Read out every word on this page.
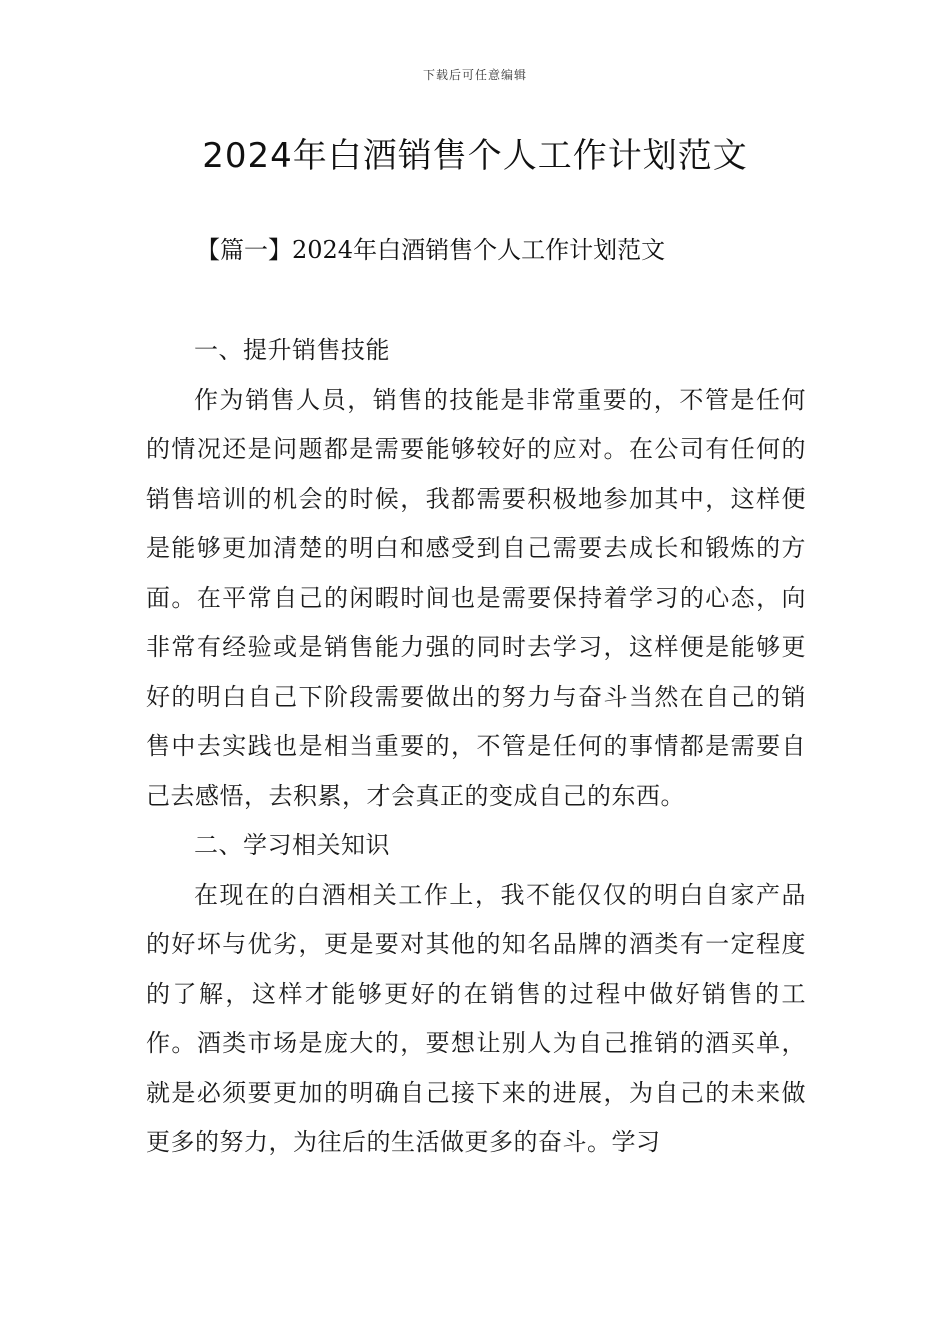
下载后可任意编辑
2024年白酒销售个人工作计划范文
【篇一】2024年白酒销售个人工作计划范文

一、提升销售技能

作为销售人员，销售的技能是非常重要的，不管是任何的情况还是问题都是需要能够较好的应对。在公司有任何的销售培训的机会的时候，我都需要积极地参加其中，这样便是能够更加清楚的明白和感受到自己需要去成长和锻炼的方面。在平常自己的闲暇时间也是需要保持着学习的心态，向非常有经验或是销售能力强的同时去学习，这样便是能够更好的明白自己下阶段需要做出的努力与奋斗当然在自己的销售中去实践也是相当重要的，不管是任何的事情都是需要自己去感悟，去积累，才会真正的变成自己的东西。

二、学习相关知识

在现在的白酒相关工作上，我不能仅仅的明白自家产品的好坏与优劣，更是要对其他的知名品牌的酒类有一定程度的了解，这样才能够更好的在销售的过程中做好销售的工作。酒类市场是庞大的，要想让别人为自己推销的酒买单，就是必须要更加的明确自己接下来的进展，为自己的未来做更多的努力，为往后的生活做更多的奋斗。学习
